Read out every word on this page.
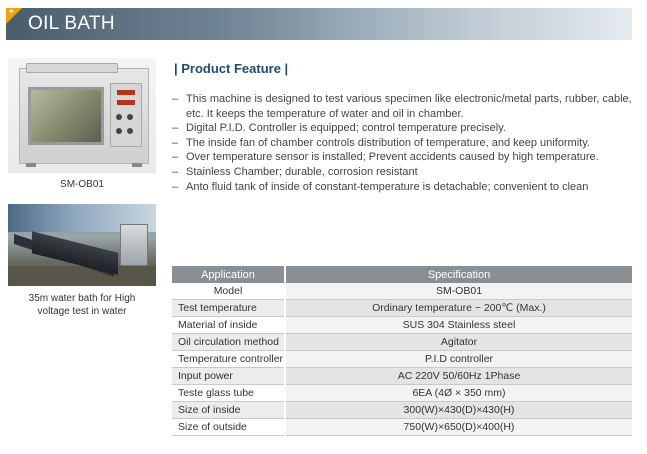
✦
OIL BATH
SM-OB01
35m water bath for High
voltage test in water
| Product Feature |
– This machine is designed to test various specimen like electronic/metal parts, rubber, cable, etc. It keeps the temperature of water and oil in chamber.
– Digital P.I.D. Controller is equipped; control temperature precisely.
– The inside fan of chamber controls distribution of temperature, and keep uniformity.
– Over temperature sensor is installed; Prevent accidents caused by high temperature.
– Stainless Chamber; durable, corrosion resistant
– Anto fluid tank of inside of constant-temperature is detachable; convenient to clean
Application	Specification
Model	SM-OB01
Test temperature	Ordinary temperature ~ 200℃ (Max.)
Material of inside	SUS 304 Stainless steel
Oil circulation method	Agitator
Temperature controller	P.I.D controller
Input power	AC 220V 50/60Hz 1Phase
Teste glass tube	6EA (4Ø × 350 mm)
Size of inside	300(W)×430(D)×430(H)
Size of outside	750(W)×650(D)×400(H)
